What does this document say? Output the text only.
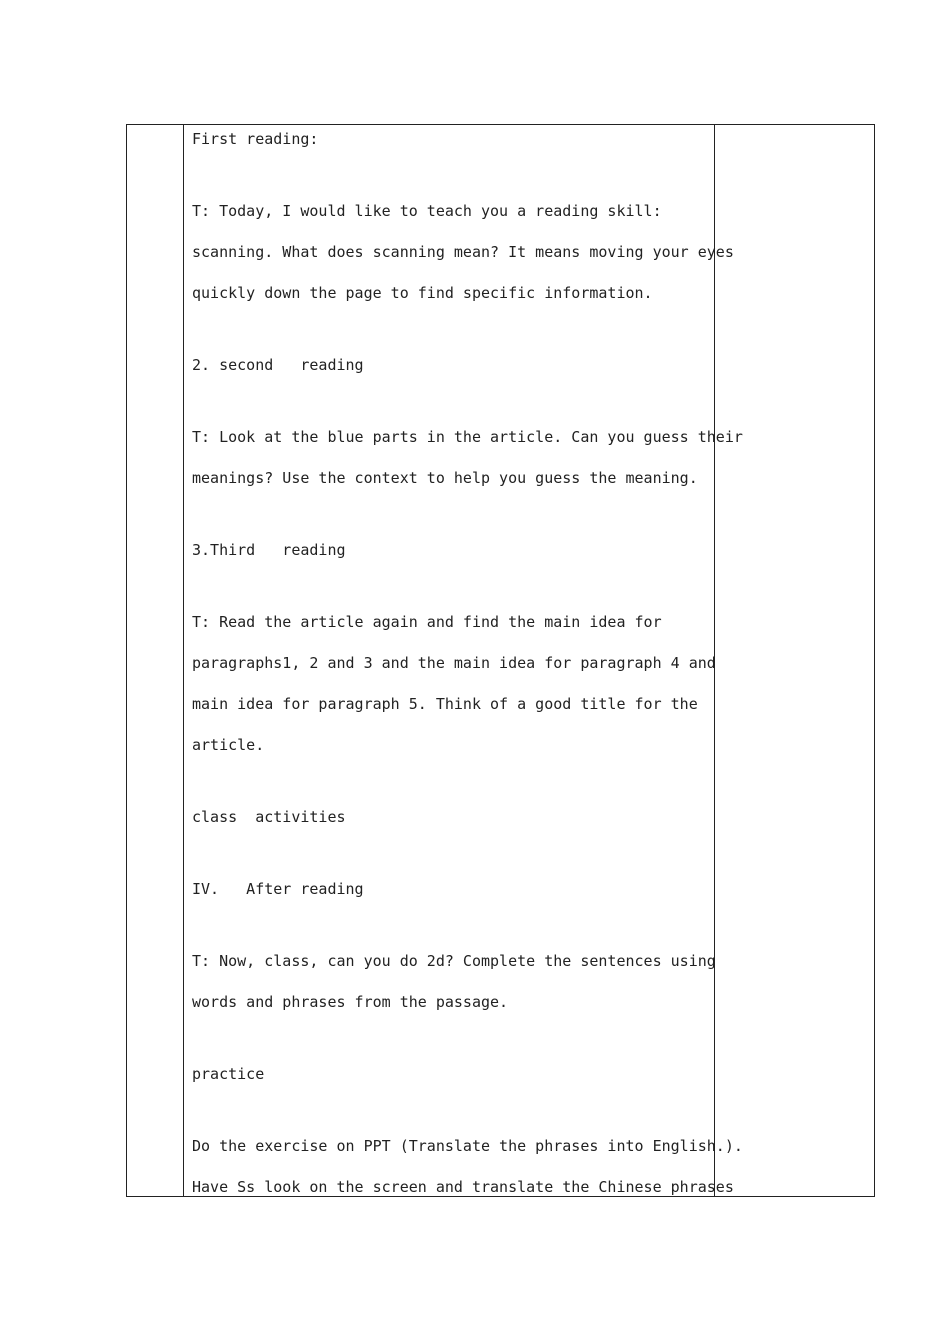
First reading:
T: Today, I would like to teach you a reading skill:
scanning. What does scanning mean? It means moving your eyes
quickly down the page to find specific information.
2. second   reading
T: Look at the blue parts in the article. Can you guess their
meanings? Use the context to help you guess the meaning.
3.Third   reading
T: Read the article again and find the main idea for
paragraphs1, 2 and 3 and the main idea for paragraph 4 and
main idea for paragraph 5. Think of a good title for the
article.
class  activities
IV.   After reading
T: Now, class, can you do 2d? Complete the sentences using
words and phrases from the passage.
practice
Do the exercise on PPT (Translate the phrases into English.).
Have Ss look on the screen and translate the Chinese phrases
